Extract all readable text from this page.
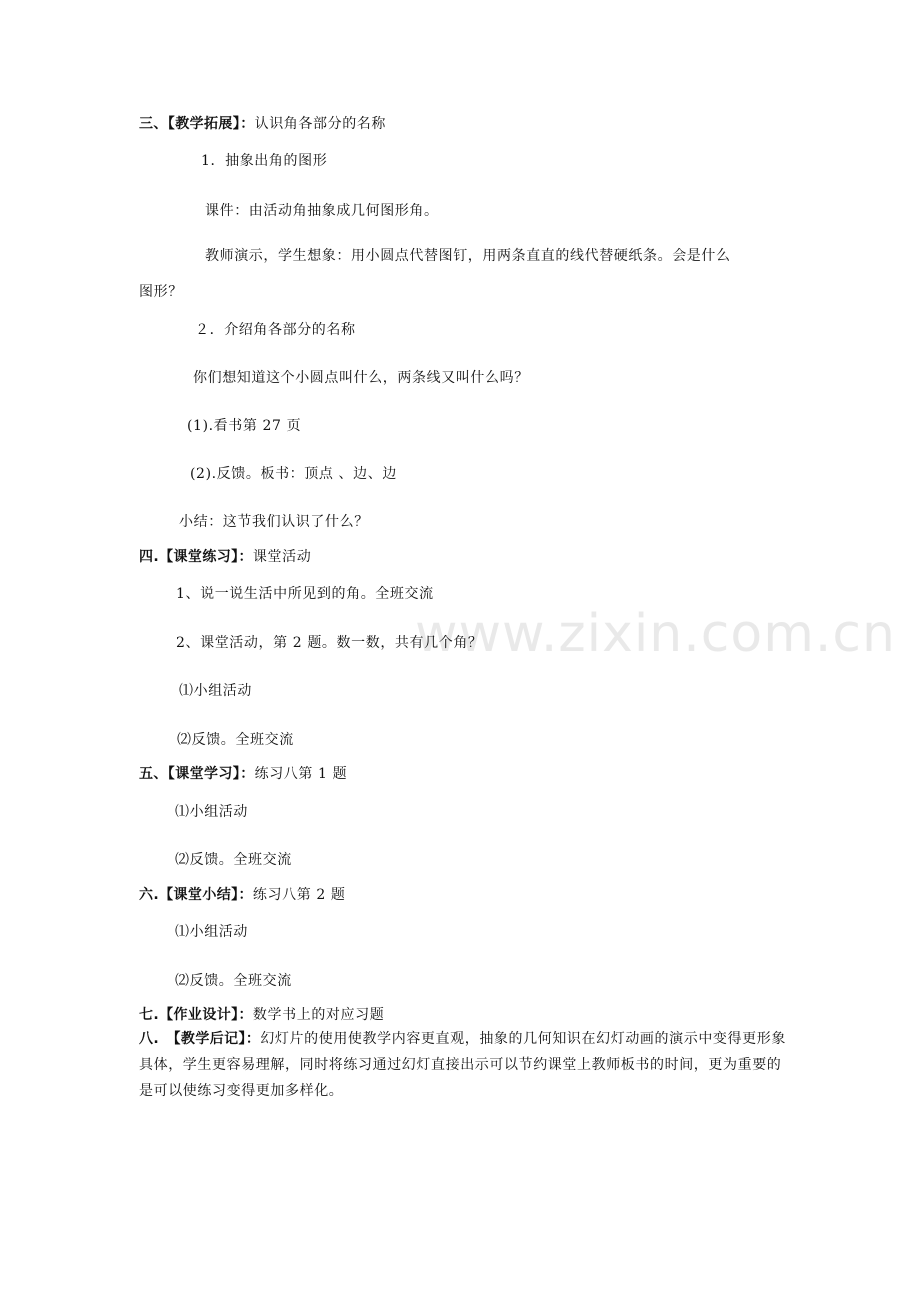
www.zixin.com.cn
三、【教学拓展】：认识角各部分的名称
1．抽象出角的图形
课件：由活动角抽象成几何图形角。
教师演示，学生想象：用小圆点代替图钉，用两条直直的线代替硬纸条。会是什么
图形？
２．介绍角各部分的名称
你们想知道这个小圆点叫什么，两条线又叫什么吗？
(1).看书第 27 页
(2).反馈。板书：顶点 、边、边
小结：这节我们认识了什么？
四.【课堂练习】：课堂活动
1、说一说生活中所见到的角。全班交流
2、课堂活动，第 2 题。数一数，共有几个角？
⑴小组活动
⑵反馈。全班交流
五、【课堂学习】：练习八第 1 题
⑴小组活动
⑵反馈。全班交流
六.【课堂小结】：练习八第 2 题
⑴小组活动
⑵反馈。全班交流
七.【作业设计】：数学书上的对应习题
八.　【教学后记】：幻灯片的使用使教学内容更直观，抽象的几何知识在幻灯动画的演示中变得更形象具体，学生更容易理解，同时将练习通过幻灯直接出示可以节约课堂上教师板书的时间，更为重要的是可以使练习变得更加多样化。
